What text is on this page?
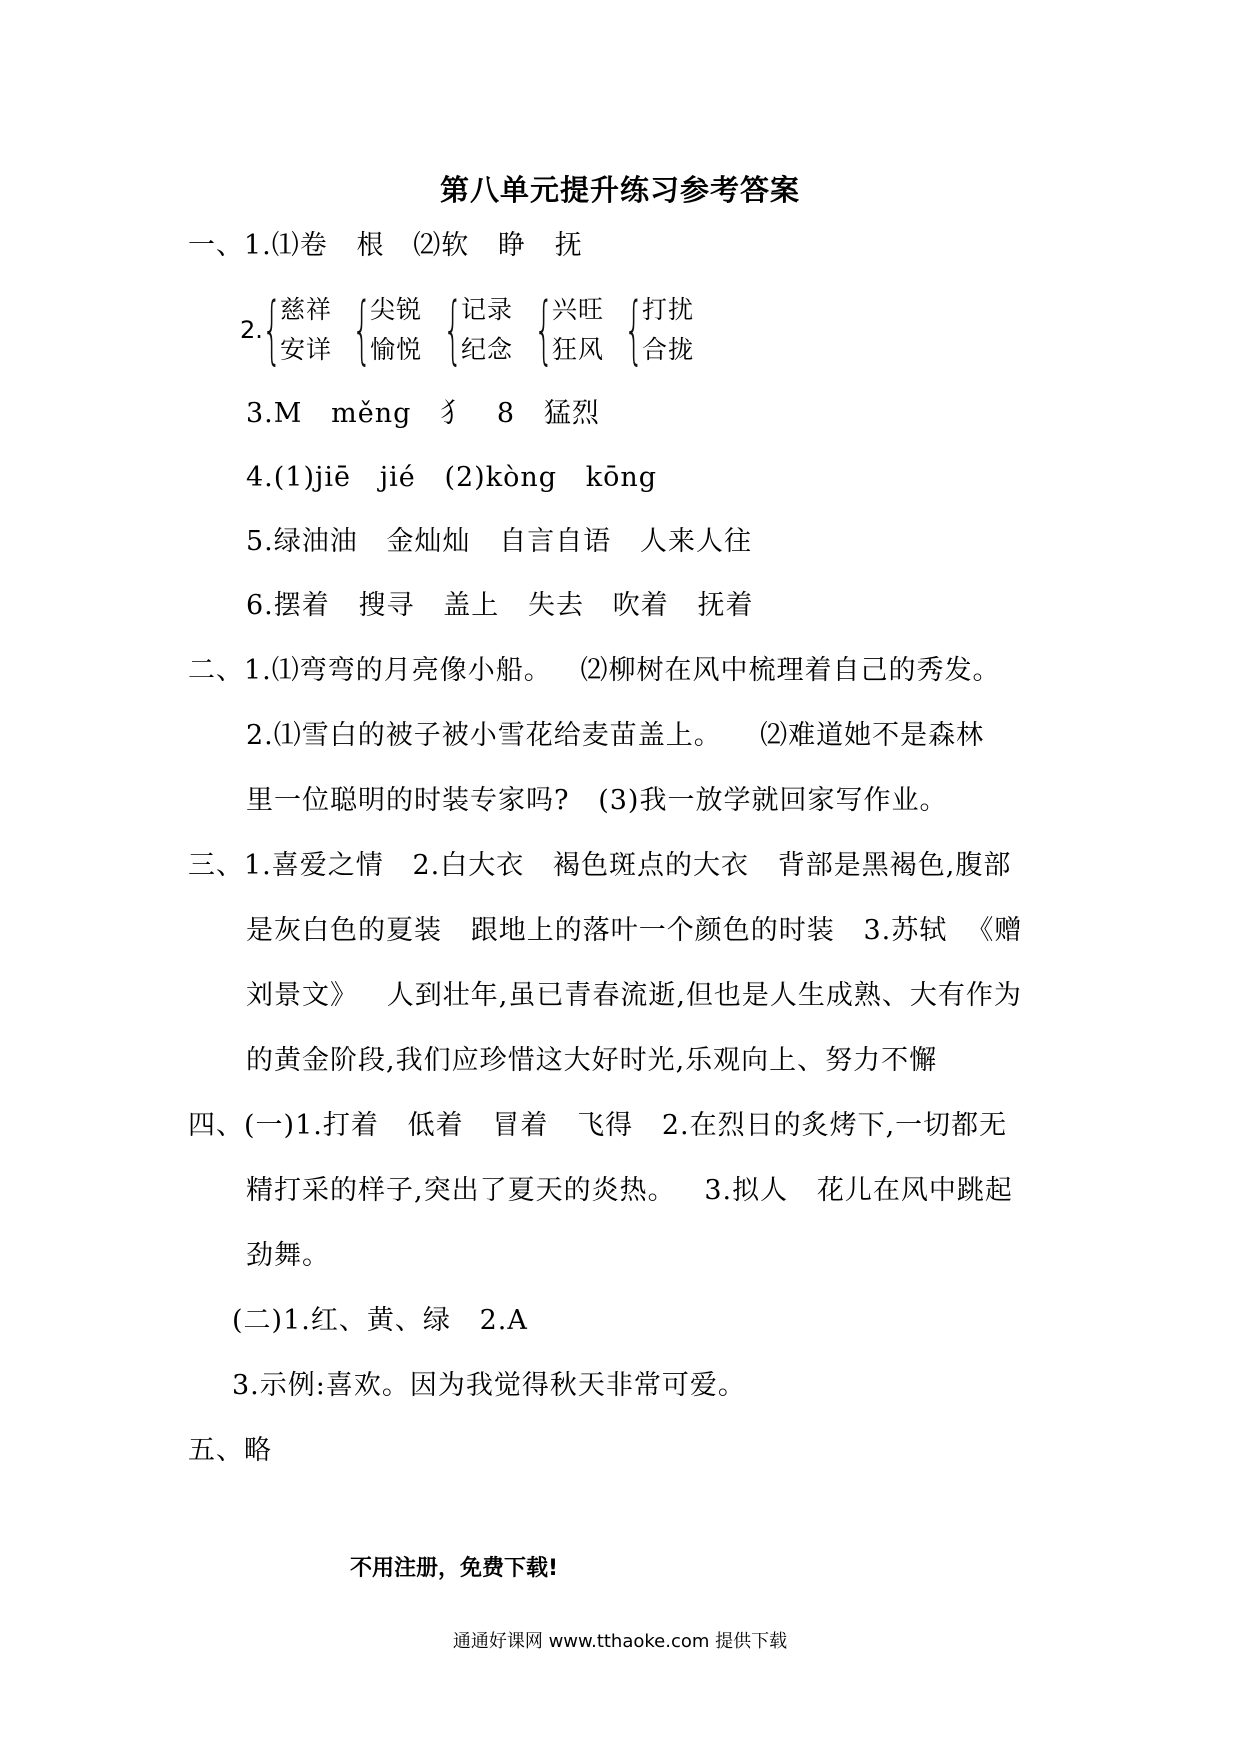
第八单元提升练习参考答案
一、1.⑴卷   根   ⑵软   睁   抚
2. {
慈祥
安详 {
尖锐
愉悦 {
记录
纪念 {
兴旺
狂风 {
打扰
合拢
3.M   měng   犭   8   猛烈
4.(1)jiē   jié   (2)kòng   kōng
5.绿油油   金灿灿   自言自语   人来人往
6.摆着   搜寻   盖上   失去   吹着   抚着
二、1.⑴弯弯的月亮像小船。   ⑵柳树在风中梳理着自己的秀发。
2.⑴雪白的被子被小雪花给麦苗盖上。    ⑵难道她不是森林
里一位聪明的时装专家吗?   (3)我一放学就回家写作业。
三、1.喜爱之情   2.白大衣   褐色斑点的大衣   背部是黑褐色,腹部
是灰白色的夏装   跟地上的落叶一个颜色的时装   3.苏轼  《赠
刘景文》   人到壮年,虽已青春流逝,但也是人生成熟、大有作为
的黄金阶段,我们应珍惜这大好时光,乐观向上、努力不懈
四、(一)1.打着   低着   冒着   飞得   2.在烈日的炙烤下,一切都无
精打采的样子,突出了夏天的炎热。   3.拟人   花儿在风中跳起
劲舞。
(二)1.红、黄、绿   2.A
3.示例:喜欢。因为我觉得秋天非常可爱。
五、略
不用注册，免费下载!
通通好课网 www.tthaoke.com 提供下载
